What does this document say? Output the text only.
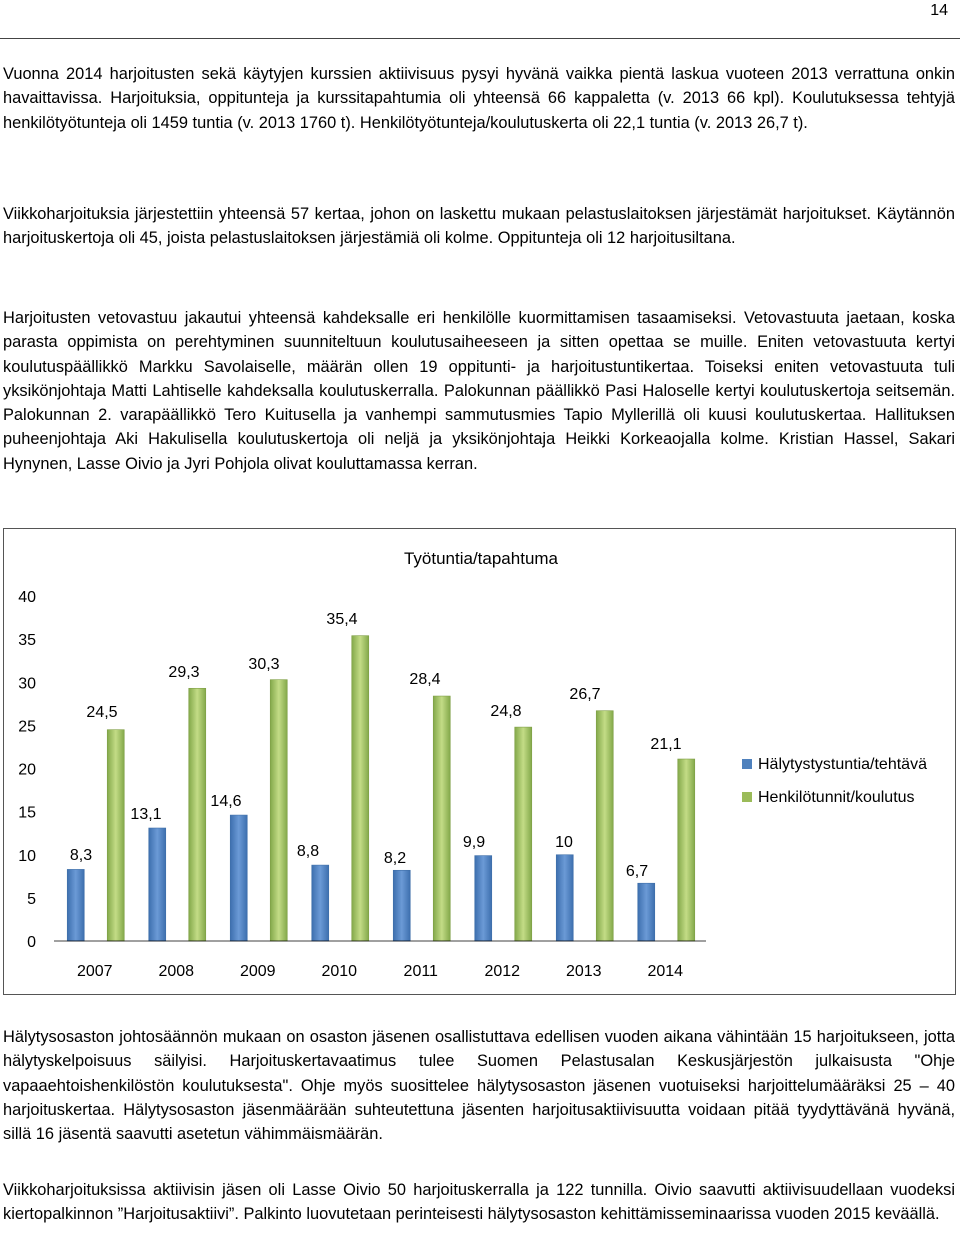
14

Vuonna 2014 harjoitusten sekä käytyjen kurssien aktiivisuus pysyi hyvänä vaikka pientä laskua vuoteen 2013 verrattuna onkin havaittavissa. Harjoituksia, oppitunteja ja kurssitapahtumia oli yhteensä 66 kappaletta (v. 2013 66 kpl). Koulutuksessa tehtyjä henkilötyötunteja oli 1459 tuntia (v. 2013 1760 t). Henkilötyötunteja/koulutuskerta oli 22,1 tuntia (v. 2013 26,7 t).

Viikkoharjoituksia järjestettiin yhteensä 57 kertaa, johon on laskettu mukaan pelastuslaitoksen järjestämät harjoitukset. Käytännön harjoituskertoja oli 45, joista pelastuslaitoksen järjestämiä oli kolme. Oppitunteja oli 12 harjoitusiltana.

Harjoitusten vetovastuu jakautui yhteensä kahdeksalle eri henkilölle kuormittamisen tasaamiseksi. Vetovastuuta jaetaan, koska parasta oppimista on perehtyminen suunniteltuun koulutusaiheeseen ja sitten opettaa se muille. Eniten vetovastuuta kertyi koulutuspäällikkö Markku Savolaiselle, määrän ollen 19 oppitunti- ja harjoitustuntikertaa. Toiseksi eniten vetovastuuta tuli yksikönjohtaja Matti Lahtiselle kahdeksalla koulutuskerralla. Palokunnan päällikkö Pasi Haloselle kertyi koulutuskertoja seitsemän. Palokunnan 2. varapäällikkö Tero Kuitusella ja vanhempi sammutusmies Tapio Myllerillä oli kuusi koulutuskertaa. Hallituksen puheenjohtaja Aki Hakulisella koulutuskertoja oli neljä ja yksikönjohtaja Heikki Korkeaojalla kolme. Kristian Hassel, Sakari Hynynen, Lasse Oivio ja Jyri Pohjola olivat kouluttamassa kerran.

Työtuntia/tapahtuma
0
5
10
15
20
25
30
35
40
8,3
24,5
13,1
29,3
14,6
30,3
8,8
35,4
8,2
28,4
9,9
24,8
10
26,7
6,7
21,1
2007	2008	2009	2010	2011	2012	2013	2014
Hälytystystuntia/tehtävä
Henkilötunnit/koulutus

Hälytysosaston johtosäännön mukaan on osaston jäsenen osallistuttava edellisen vuoden aikana vähintään 15 harjoitukseen, jotta hälytyskelpoisuus säilyisi. Harjoituskertavaatimus tulee Suomen Pelastusalan Keskusjärjestön julkaisusta "Ohje vapaaehtoishenkilöstön koulutuksesta". Ohje myös suosittelee hälytysosaston jäsenen vuotuiseksi harjoittelumääräksi 25 – 40 harjoituskertaa. Hälytysosaston jäsenmäärään suhteutettuna jäsenten harjoitusaktiivisuutta voidaan pitää tyydyttävänä hyvänä, sillä 16 jäsentä saavutti asetetun vähimmäismäärän.

Viikkoharjoituksissa aktiivisin jäsen oli Lasse Oivio 50 harjoituskerralla ja 122 tunnilla. Oivio saavutti aktiivisuudellaan vuodeksi kiertopalkinnon ”Harjoitusaktiivi”. Palkinto luovutetaan perinteisesti hälytysosaston kehittämisseminaarissa vuoden 2015 keväällä.
